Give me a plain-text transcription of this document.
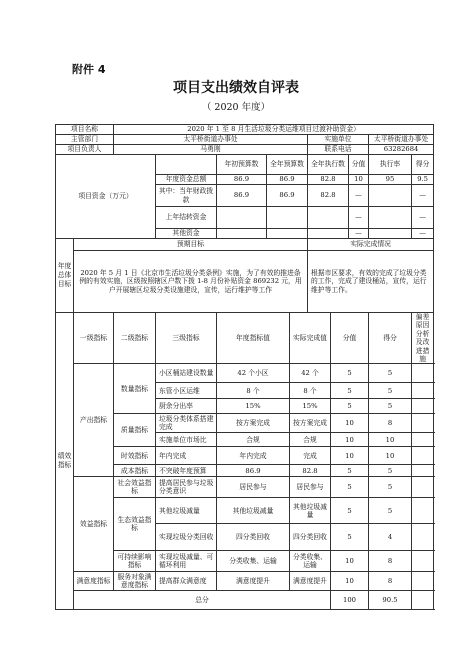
附件 4
项目支出绩效自评表
（ 2020 年度）
项目名称		2020 年 1 至 8 月生活垃圾分类运维项目过渡补助资金）									
主管部门		太平桥街道办事处					实施单位			太平桥街道办事处	
项目负责人		马勇刚					联系电话			63282684	
项目资金（万元）				年初预算数	全年预算数		全年执行数		分值	执行率	得分
			年度资金总额	86.9	86.9		82.8		10	95	9.5
			其中：当年财政拨款	86.9	86.9		82.8		—		—
			上年结转资金						—		—
			其他资金						—		—
年度总体目标	预期目标						实际完成情况				
	2020 年 5 月 1 日《北京市生活垃圾分类条例》实施，为了有效的推进条例的有效实施，区级按照辖区户数下拨 1-8 月份补贴资金 869232 元，用户开展辖区垃圾分类设施建设，宣传，运行维护等工作						根据市区要求，有效的完成了垃圾分类的工作，完成了建设桶站，宣传，运行维护等工作。				
绩效指标	一级指标	二级指标	三级指标	年度指标值		实际完成值		分值		得分	偏差原因分析及改进措施
	产出指标	数量指标	小区桶站建设数量	42 个小区		42 个		5		5	
			东管小区运维	8 个		8 个		5		5	
			厨余分出率	15%		15%		5		5	
		质量指标	垃圾分类体系搭建完成	按方案完成		按方案完成		10		8	
			实施单位市场比	合规		合规		10		10	
		时效指标	年内完成	年内完成		完成		10		10	
		成本指标	不突破年度预算	86.9		82.8		5		5	
	效益指标	社会效益指标	提高居民参与垃圾分类意识	居民参与		居民参与		5		5	
		生态效益指标	其他垃圾减量	其他垃圾减量		其他垃圾减量		5		5	
			实现垃圾分类回收	四分类回收		四分类回收		5		4	
		可持续影响指标	实现垃圾减量、可循环利用	分类收集、运输		分类收集、运输		10		8	
	满意度指标	服务对象满意度指标	提高群众满意度	满意度提升		满意度提升		10		8	
	总分							100		90.5	
